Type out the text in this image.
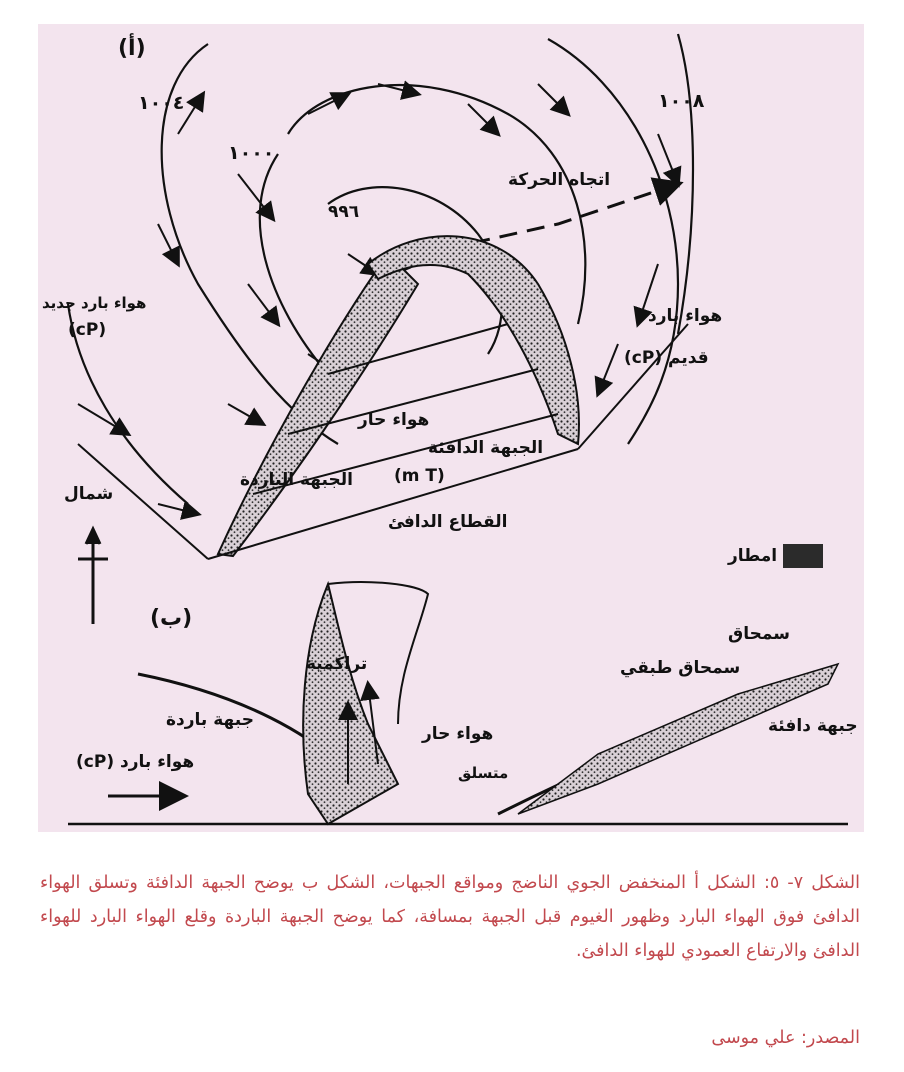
(أ)
١٠٠٤
١٠٠٠
٩٩٦
١٠٠٨
اتجاه الحركة
هواء بارد جديد
(cP)
هواء بارد
قديم (cP)
هواء حار
الجبهة الدافئة
(m T)
الجبهة الباردة
القطاع الدافئ
شمال
امطار
(ب)
تراكمية
سمحاق
سمحاق طبقي
جبهة باردة
هواء بارد (cP)
هواء حار	جبهة دافئة
متسلق
الشكل ٧- ٥: الشكل أ المنخفض الجوي الناضج ومواقع الجبهات، الشكل ب يوضح الجبهة الدافئة وتسلق الهواء الدافئ فوق الهواء البارد وظهور الغيوم قبل الجبهة بمسافة، كما يوضح الجبهة الباردة وقلع الهواء البارد للهواء الدافئ والارتفاع العمودي للهواء الدافئ.
المصدر: علي موسى
